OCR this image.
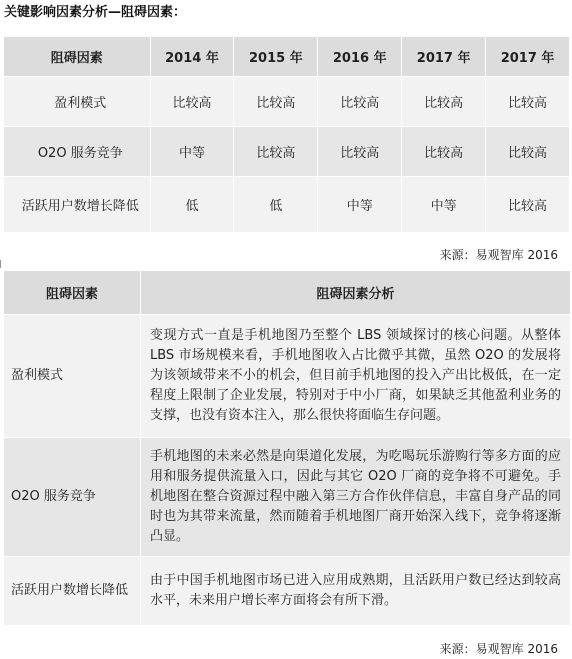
关键影响因素分析—阻碍因素：
阻碍因素	2014 年	2015 年	2016 年	2017 年	2017 年
盈利模式	比较高	比较高	比较高	比较高	比较高
O2O 服务竞争	中等	比较高	比较高	比较高	比较高
活跃用户数增长降低	低	低	中等	中等	比较高
来源：易观智库 2016
阻碍因素	阻碍因素分析
盈利模式	变现方式一直是手机地图乃至整个 LBS 领域探讨的核心问题。从整体 LBS 市场规模来看，手机地图收入占比微乎其微，虽然 O2O 的发展将为该领域带来不小的机会，但目前手机地图的投入产出比极低，在一定程度上限制了企业发展，特别对于中小厂商，如果缺乏其他盈利业务的支撑，也没有资本注入，那么很快将面临生存问题。
O2O 服务竞争	手机地图的未来必然是向渠道化发展，为吃喝玩乐游购行等多方面的应用和服务提供流量入口，因此与其它 O2O 厂商的竞争将不可避免。手机地图在整合资源过程中融入第三方合作伙伴信息，丰富自身产品的同时也为其带来流量，然而随着手机地图厂商开始深入线下，竞争将逐渐凸显。
活跃用户数增长降低	由于中国手机地图市场已进入应用成熟期，且活跃用户数已经达到较高水平，未来用户增长率方面将会有所下滑。
来源：易观智库 2016
